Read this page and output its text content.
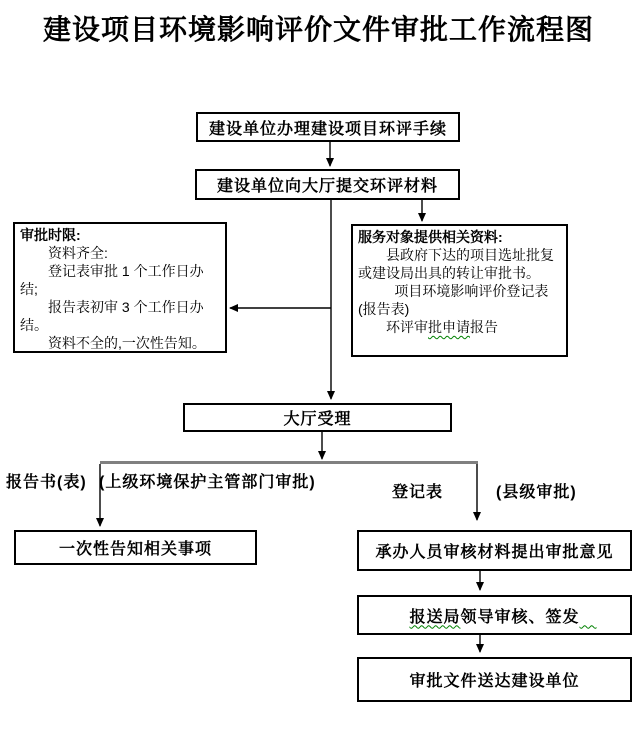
建设项目环境影响评价文件审批工作流程图
建设单位办理建设项目环评手续
建设单位向大厅提交环评材料
审批时限:
资料齐全:
登记表审批 1 个工作日办
结;
报告表初审 3 个工作日办
结。
资料不全的,一次性告知。
服务对象提供相关资料:
县政府下达的项目选址批复
或建设局出具的转让审批书。
项目环境影响评价登记表
(报告表)
环评审批申请报告
大厅受理
报告书(表) (上级环境保护主管部门审批)
登记表	(县级审批)
一次性告知相关事项	承办人员审核材料提出审批意见
报送局领导审核、签发　
审批文件送达建设单位
